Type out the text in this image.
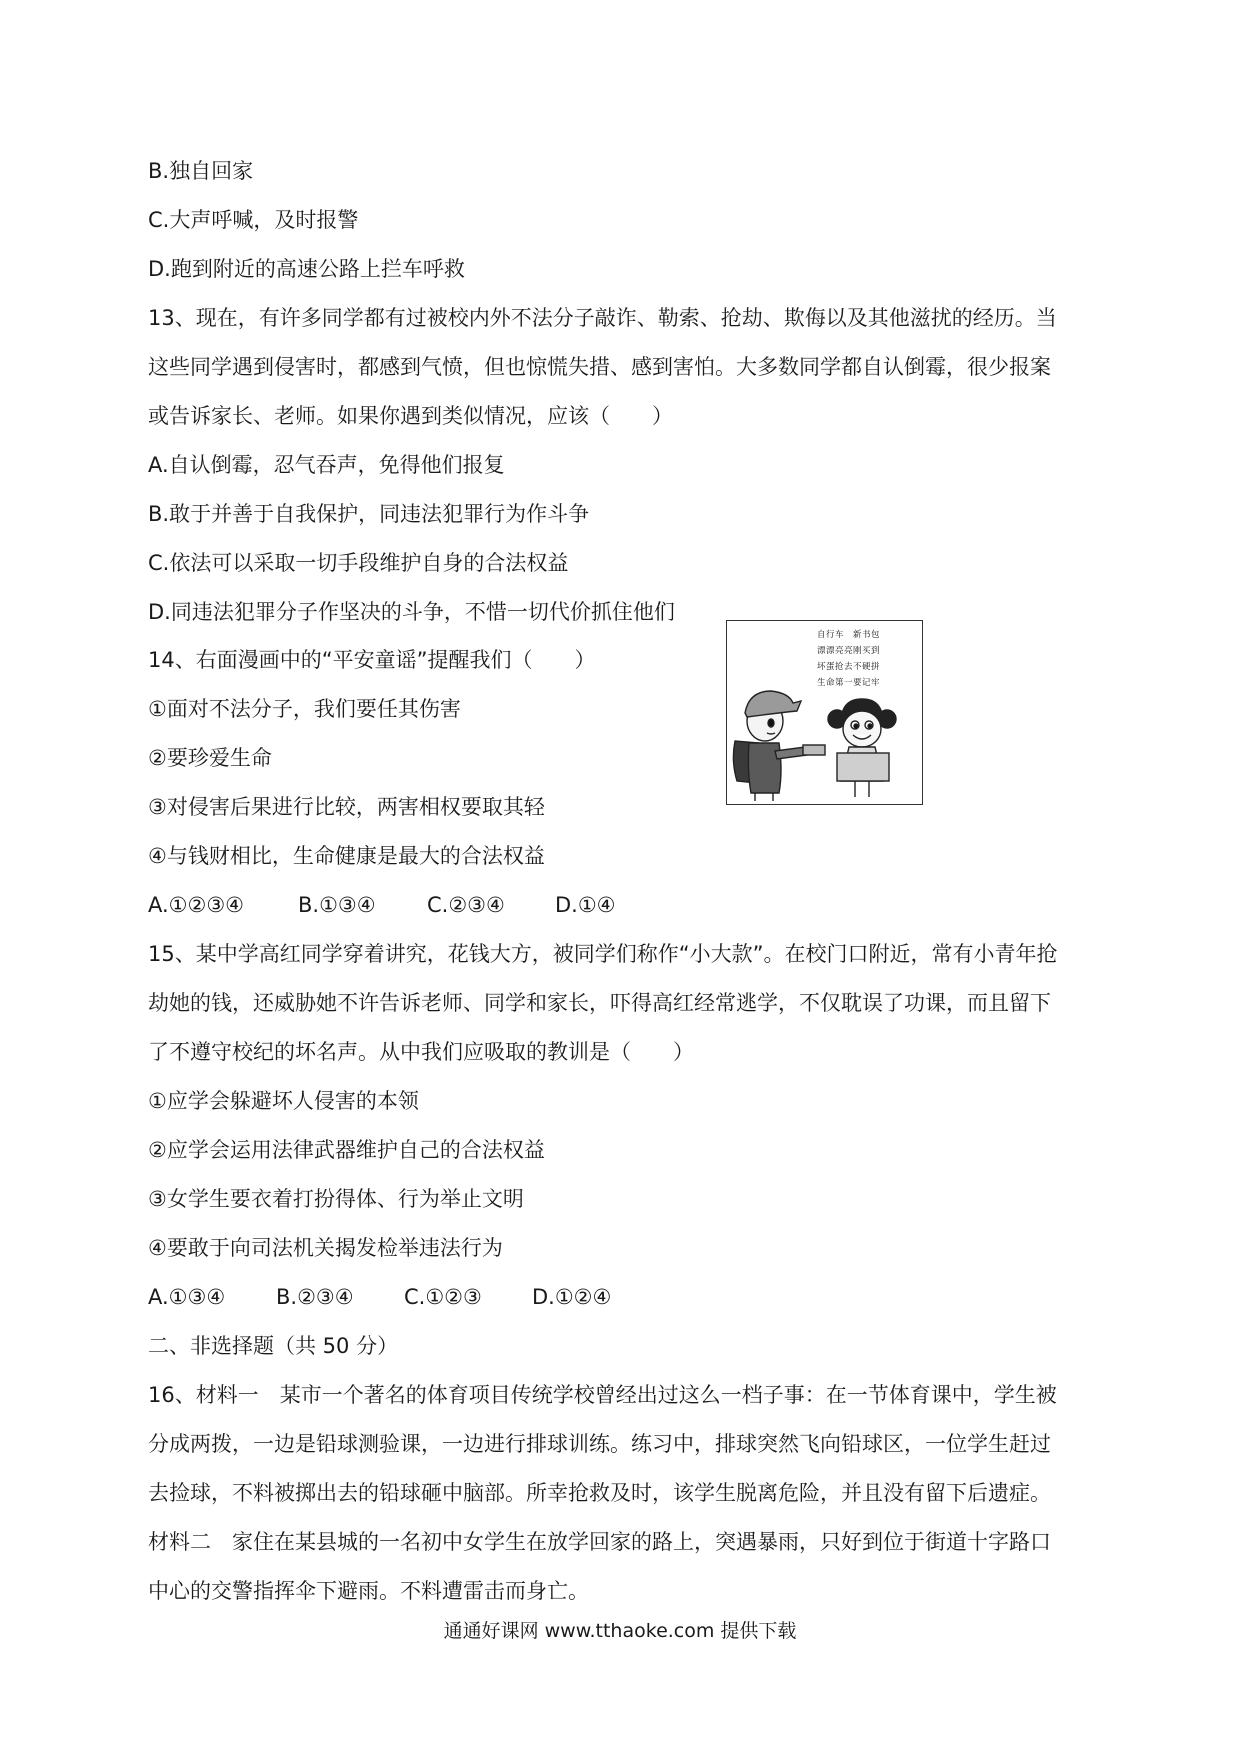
B.独自回家
C.大声呼喊，及时报警
D.跑到附近的高速公路上拦车呼救
13、现在，有许多同学都有过被校内外不法分子敲诈、勒索、抢劫、欺侮以及其他滋扰的经历。当
这些同学遇到侵害时，都感到气愤，但也惊慌失措、感到害怕。大多数同学都自认倒霉，很少报案
或告诉家长、老师。如果你遇到类似情况，应该（　　）
A.自认倒霉，忍气吞声，免得他们报复
B.敢于并善于自我保护，同违法犯罪行为作斗争
C.依法可以采取一切手段维护自身的合法权益
D.同违法犯罪分子作坚决的斗争，不惜一切代价抓住他们
14、右面漫画中的“平安童谣”提醒我们（　　）
①面对不法分子，我们要任其伤害
②要珍爱生命
③对侵害后果进行比较，两害相权要取其轻
④与钱财相比，生命健康是最大的合法权益
15、某中学高红同学穿着讲究，花钱大方，被同学们称作“小大款”。在校门口附近，常有小青年抢
劫她的钱，还威胁她不许告诉老师、同学和家长，吓得高红经常逃学，不仅耽误了功课，而且留下
了不遵守校纪的坏名声。从中我们应吸取的教训是（　　）
①应学会躲避坏人侵害的本领
②应学会运用法律武器维护自己的合法权益
③女学生要衣着打扮得体、行为举止文明
④要敢于向司法机关揭发检举违法行为
二、非选择题（共 50 分）
16、材料一　某市一个著名的体育项目传统学校曾经出过这么一档子事：在一节体育课中，学生被
分成两拨，一边是铅球测验课，一边进行排球训练。练习中，排球突然飞向铅球区，一位学生赶过
去捡球，不料被掷出去的铅球砸中脑部。所幸抢救及时，该学生脱离危险，并且没有留下后遗症。
材料二　家住在某县城的一名初中女学生在放学回家的路上，突遇暴雨，只好到位于街道十字路口
中心的交警指挥伞下避雨。不料遭雷击而身亡。
A.①②③④	B.①③④ C.②③④ D.①④
A.①③④ B.②③④ C.①②③ D.①②④
自行车　新书包
漂漂亮亮刚买到
坏蛋抢去不硬拼
生命第一要记牢
通通好课网 www.tthaoke.com 提供下载
